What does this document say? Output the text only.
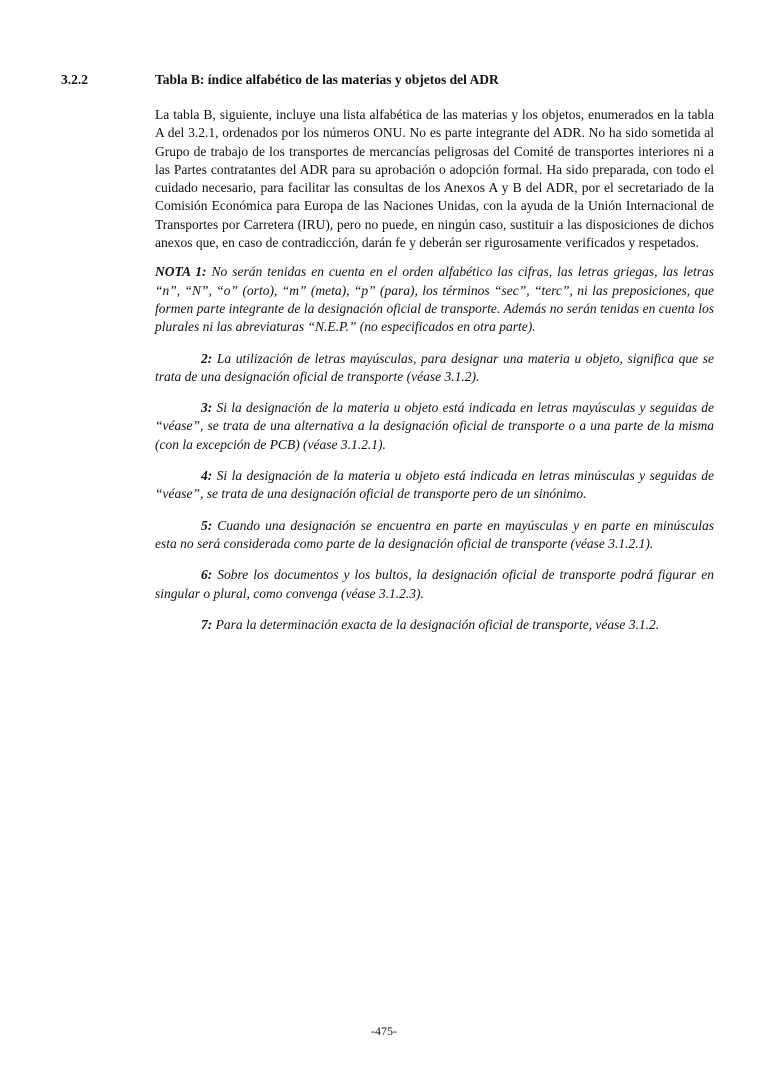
3.2.2	Tabla B: índice alfabético de las materias y objetos del ADR

La tabla B, siguiente, incluye una lista alfabética de las materias y los objetos, enumerados en la tabla A del 3.2.1, ordenados por los números ONU. No es parte integrante del ADR. No ha sido sometida al Grupo de trabajo de los transportes de mercancías peligrosas del Comité de transportes interiores ni a las Partes contratantes del ADR para su aprobación o adopción formal. Ha sido preparada, con todo el cuidado necesario, para facilitar las consultas de los Anexos A y B del ADR, por el secretariado de la Comisión Económica para Europa de las Naciones Unidas, con la ayuda de la Unión Internacional de Transportes por Carretera (IRU), pero no puede, en ningún caso, sustituir a las disposiciones de dichos anexos que, en caso de contradicción, darán fe y deberán ser rigurosamente verificados y respetados.

NOTA 1: No serán tenidas en cuenta en el orden alfabético las cifras, las letras griegas, las letras “n”, “N”, “o” (orto), “m” (meta), “p” (para), los términos “sec”, “terc”, ni las preposiciones, que formen parte integrante de la designación oficial de transporte. Además no serán tenidas en cuenta los plurales ni las abreviaturas “N.E.P.” (no especificados en otra parte).

2: La utilización de letras mayúsculas, para designar una materia u objeto, significa que se trata de una designación oficial de transporte (véase 3.1.2).

3: Si la designación de la materia u objeto está indicada en letras mayúsculas y seguidas de “véase”, se trata de una alternativa a la designación oficial de transporte o a una parte de la misma (con la excepción de PCB) (véase 3.1.2.1).

4: Si la designación de la materia u objeto está indicada en letras minúsculas y seguidas de “véase”, se trata de una designación oficial de transporte pero de un sinónimo.

5: Cuando una designación se encuentra en parte en mayúsculas y en parte en minúsculas esta no será considerada como parte de la designación oficial de transporte (véase 3.1.2.1).

6: Sobre los documentos y los bultos, la designación oficial de transporte podrá figurar en singular o plural, como convenga (véase 3.1.2.3).

7: Para la determinación exacta de la designación oficial de transporte, véase 3.1.2.

-475-
